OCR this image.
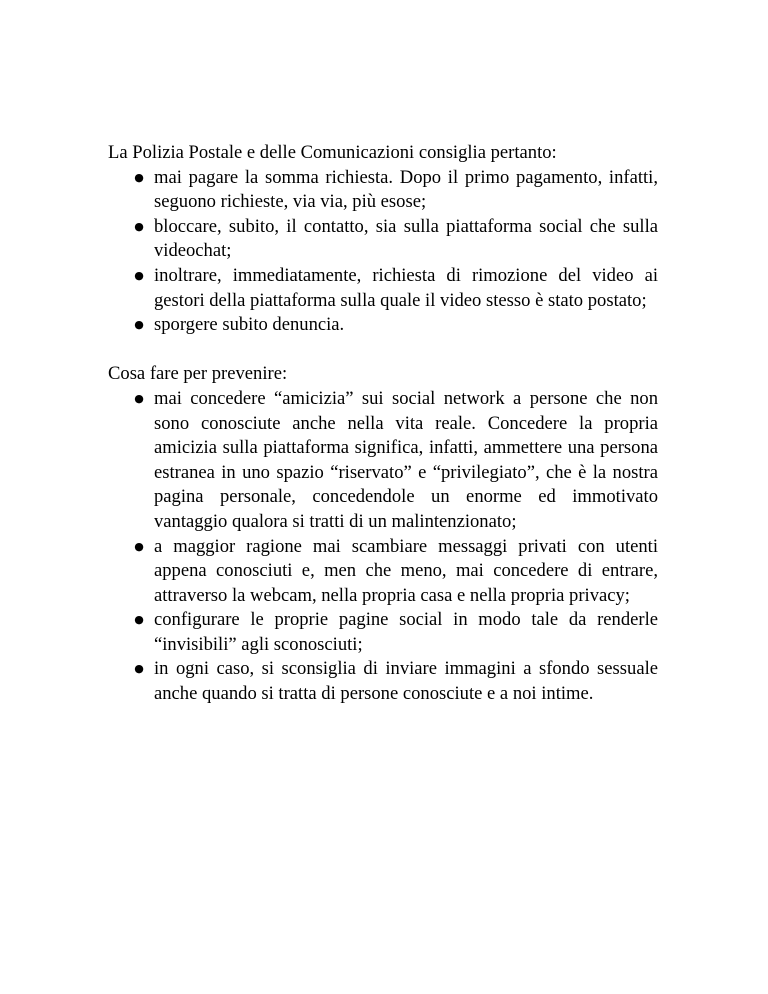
La Polizia Postale e delle Comunicazioni consiglia pertanto:

● mai pagare la somma richiesta. Dopo il primo pagamento, infatti, seguono richieste, via via, più esose;
● bloccare, subito, il contatto, sia sulla piattaforma social che sulla videochat;
● inoltrare, immediatamente, richiesta di rimozione del video ai gestori della piattaforma sulla quale il video stesso è stato postato;
● sporgere subito denuncia.

Cosa fare per prevenire:

● mai concedere “amicizia” sui social network a persone che non sono conosciute anche nella vita reale. Concedere la propria amicizia sulla piattaforma significa, infatti, ammettere una persona estranea in uno spazio “riservato” e “privilegiato”, che è la nostra pagina personale, concedendole un enorme ed immotivato vantaggio qualora si tratti di un malintenzionato;
● a maggior ragione mai scambiare messaggi privati con utenti appena conosciuti e, men che meno, mai concedere di entrare, attraverso la webcam, nella propria casa e nella propria privacy;
● configurare le proprie pagine social in modo tale da renderle “invisibili” agli sconosciuti;
● in ogni caso, si sconsiglia di inviare immagini a sfondo sessuale anche quando si tratta di persone conosciute e a noi intime.
